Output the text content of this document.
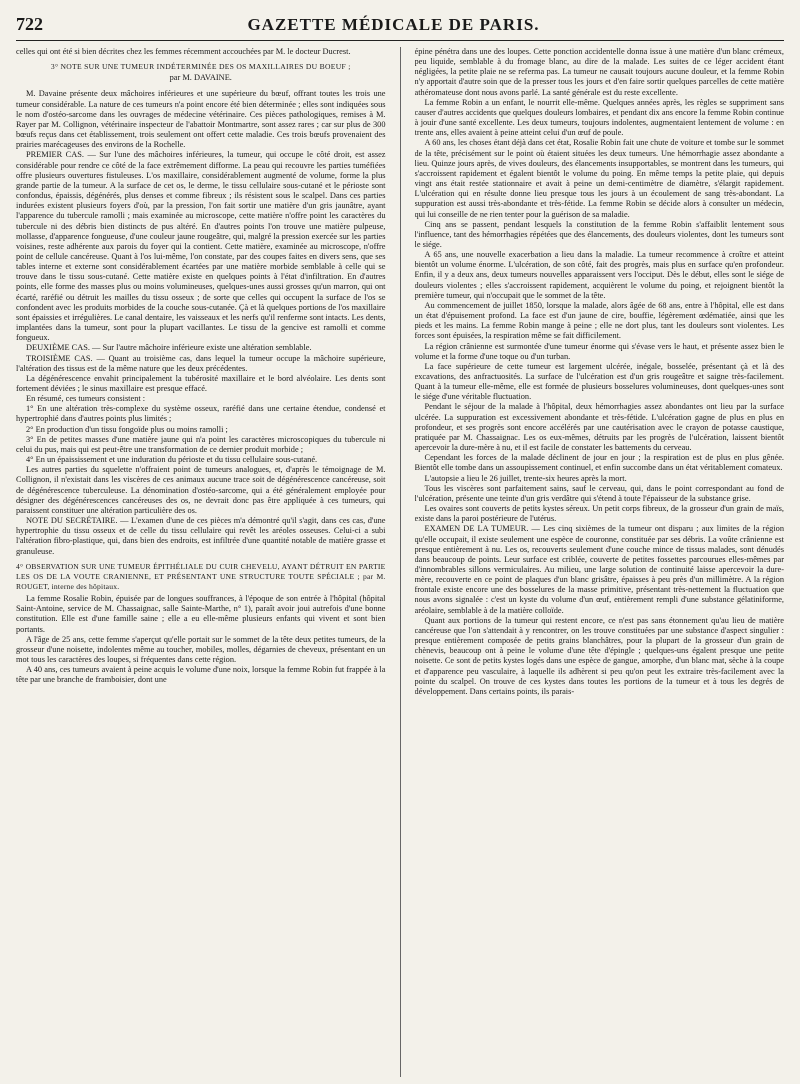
722	GAZETTE MÉDICALE DE PARIS.

celles qui ont été si bien décrites chez les femmes récemment accouchées par M. le docteur Ducrest.

3° NOTE SUR UNE TUMEUR INDÉTERMINÉE DES OS MAXILLAIRES DU BOEUF ;

par M. DAVAINE.

M. Davaine présente deux mâchoires inférieures et une supérieure du bœuf, offrant toutes les trois une tumeur considérable. La nature de ces tumeurs n'a point encore été bien déterminée ; elles sont indiquées sous le nom d'ostéo-sarcome dans les ouvrages de médecine vétérinaire. Ces pièces pathologiques, remises à M. Rayer par M. Collignon, vétérinaire inspecteur de l'abattoir Montmartre, sont assez rares ; car sur plus de 300 bœufs reçus dans cet établissement, trois seulement ont offert cette maladie. Ces trois bœufs provenaient des prairies marécageuses des environs de la Rochelle.

PREMIER CAS. — Sur l'une des mâchoires inférieures, la tumeur, qui occupe le côté droit, est assez considérable pour rendre ce côté de la face extrêmement difforme. La peau qui recouvre les parties tuméfiées offre plusieurs ouvertures fistuleuses. L'os maxillaire, considérablement augmenté de volume, forme la plus grande partie de la tumeur. A la surface de cet os, le derme, le tissu cellulaire sous-cutané et le périoste sont confondus, épaissis, dégénérés, plus denses et comme fibreux ; ils résistent sous le scalpel. Dans ces parties indurées existent plusieurs foyers d'où, par la pression, l'on fait sortir une matière d'un gris jaunâtre, ayant l'apparence du tubercule ramolli ; mais examinée au microscope, cette matière n'offre point les caractères du tubercule ni des débris bien distincts de pus altéré. En d'autres points l'on trouve une matière pulpeuse, mollasse, d'apparence fongueuse, d'une couleur jaune rougeâtre, qui, malgré la pression exercée sur les parties voisines, reste adhérente aux parois du foyer qui la contient. Cette matière, examinée au microscope, n'offre point de cellule cancéreuse. Quant à l'os lui-même, l'on constate, par des coupes faites en divers sens, que ses tables interne et externe sont considérablement écartées par une matière morbide semblable à celle qui se trouve dans le tissu sous-cutané. Cette matière existe en quelques points à l'état d'infiltration. En d'autres points, elle forme des masses plus ou moins volumineuses, quelques-unes aussi grosses qu'un marron, qui ont écarté, raréfié ou détruit les mailles du tissu osseux ; de sorte que celles qui occupent la surface de l'os se confondent avec les produits morbides de la couche sous-cutanée. Çà et là quelques portions de l'os maxillaire sont épaissies et irrégulières. Le canal dentaire, les vaisseaux et les nerfs qu'il renferme sont intacts. Les dents, implantées dans la tumeur, sont pour la plupart vacillantes. Le tissu de la gencive est ramolli et comme fongueux.

DEUXIÈME CAS. — Sur l'autre mâchoire inférieure existe une altération semblable.

TROISIÈME CAS. — Quant au troisième cas, dans lequel la tumeur occupe la mâchoire supérieure, l'altération des tissus est de la même nature que les deux précédentes.

La dégénérescence envahit principalement la tubérosité maxillaire et le bord alvéolaire. Les dents sont fortement déviées ; le sinus maxillaire est presque effacé.

En résumé, ces tumeurs consistent :

1° En une altération très-complexe du système osseux, raréfié dans une certaine étendue, condensé et hypertrophié dans d'autres points plus limités ;

2° En production d'un tissu fongoïde plus ou moins ramolli ;

3° En de petites masses d'une matière jaune qui n'a point les caractères microscopiques du tubercule ni celui du pus, mais qui est peut-être une transformation de ce dernier produit morbide ;

4° En un épaississement et une induration du périoste et du tissu cellulaire sous-cutané.

Les autres parties du squelette n'offraient point de tumeurs analogues, et, d'après le témoignage de M. Collignon, il n'existait dans les viscères de ces animaux aucune trace soit de dégénérescence cancéreuse, soit de dégénérescence tuberculeuse. La dénomination d'ostéo-sarcome, qui a été généralement employée pour désigner des dégénérescences cancéreuses des os, ne devrait donc pas être appliquée à ces tumeurs, qui paraissent constituer une altération particulière des os.

NOTE DU SECRÉTAIRE. — L'examen d'une de ces pièces m'a démontré qu'il s'agit, dans ces cas, d'une hypertrophie du tissu osseux et de celle du tissu cellulaire qui revêt les aréoles osseuses. Celui-ci a subi l'altération fibro-plastique, qui, dans bien des endroits, est infiltrée d'une quantité notable de matière grasse et granuleuse.

4° OBSERVATION SUR UNE TUMEUR ÉPITHÉLIALE DU CUIR CHEVELU, AYANT DÉTRUIT EN PARTIE LES OS DE LA VOUTE CRANIENNE, ET PRÉSENTANT UNE STRUCTURE TOUTE SPÉCIALE ; par M. ROUGET, interne des hôpitaux.

La femme Rosalie Robin, épuisée par de longues souffrances, à l'époque de son entrée à l'hôpital (hôpital Saint-Antoine, service de M. Chassaignac, salle Sainte-Marthe, n° 1), paraît avoir joui autrefois d'une bonne constitution. Elle est d'une famille saine ; elle a eu elle-même plusieurs enfants qui vivent et sont bien portants.

A l'âge de 25 ans, cette femme s'aperçut qu'elle portait sur le sommet de la tête deux petites tumeurs, de la grosseur d'une noisette, indolentes même au toucher, mobiles, molles, dégarnies de cheveux, présentant en un mot tous les caractères des loupes, si fréquentes dans cette région.

A 40 ans, ces tumeurs avaient à peine acquis le volume d'une noix, lorsque la femme Robin fut frappée à la tête par une branche de framboisier, dont une

épine pénétra dans une des loupes. Cette ponction accidentelle donna issue à une matière d'un blanc crémeux, peu liquide, semblable à du fromage blanc, au dire de la malade. Les suites de ce léger accident étant négligées, la petite plaie ne se referma pas. La tumeur ne causait toujours aucune douleur, et la femme Robin n'y apportait d'autre soin que de la presser tous les jours et d'en faire sortir quelques parcelles de cette matière athéromateuse dont nous avons parlé. La santé générale est du reste excellente.

La femme Robin a un enfant, le nourrit elle-même. Quelques années après, les règles se suppriment sans causer d'autres accidents que quelques douleurs lombaires, et pendant dix ans encore la femme Robin continue à jouir d'une santé excellente. Les deux tumeurs, toujours indolentes, augmentaient lentement de volume : en trente ans, elles avaient à peine atteint celui d'un œuf de poule.

A 60 ans, les choses étant déjà dans cet état, Rosalie Robin fait une chute de voiture et tombe sur le sommet de la tête, précisément sur le point où étaient situées les deux tumeurs. Une hémorrhagie assez abondante a lieu. Quinze jours après, de vives douleurs, des élancements insupportables, se montrent dans les tumeurs, qui s'accroissent rapidement et égalent bientôt le volume du poing. En même temps la petite plaie, qui depuis vingt ans était restée stationnaire et avait à peine un demi-centimètre de diamètre, s'élargit rapidement. L'ulcération qui en résulte donne lieu presque tous les jours à un écoulement de sang très-abondant. La suppuration est aussi très-abondante et très-fétide. La femme Robin se décide alors à consulter un médecin, qui lui conseille de ne rien tenter pour la guérison de sa maladie.

Cinq ans se passent, pendant lesquels la constitution de la femme Robin s'affaiblit lentement sous l'influence, tant des hémorrhagies répétées que des élancements, des douleurs violentes, dont les tumeurs sont le siége.

A 65 ans, une nouvelle exacerbation a lieu dans la maladie. La tumeur recommence à croître et atteint bientôt un volume énorme. L'ulcération, de son côté, fait des progrès, mais plus en surface qu'en profondeur. Enfin, il y a deux ans, deux tumeurs nouvelles apparaissent vers l'occiput. Dès le début, elles sont le siége de douleurs violentes ; elles s'accroissent rapidement, acquièrent le volume du poing, et rejoignent bientôt la première tumeur, qui n'occupait que le sommet de la tête.

Au commencement de juillet 1850, lorsque la malade, alors âgée de 68 ans, entre à l'hôpital, elle est dans un état d'épuisement profond. La face est d'un jaune de cire, bouffie, légèrement œdématiée, ainsi que les pieds et les mains. La femme Robin mange à peine ; elle ne dort plus, tant les douleurs sont violentes. Les forces sont épuisées, la respiration même se fait difficilement.

La région crânienne est surmontée d'une tumeur énorme qui s'évase vers le haut, et présente assez bien le volume et la forme d'une toque ou d'un turban.

La face supérieure de cette tumeur est largement ulcérée, inégale, bosselée, présentant çà et là des excavations, des anfractuosités. La surface de l'ulcération est d'un gris rougeâtre et saigne très-facilement. Quant à la tumeur elle-même, elle est formée de plusieurs bosselures volumineuses, dont quelques-unes sont le siége d'une véritable fluctuation.

Pendant le séjour de la malade à l'hôpital, deux hémorrhagies assez abondantes ont lieu par la surface ulcérée. La suppuration est excessivement abondante et très-fétide. L'ulcération gagne de plus en plus en profondeur, et ses progrès sont encore accélérés par une cautérisation avec le crayon de potasse caustique, pratiquée par M. Chassaignac. Les os eux-mêmes, détruits par les progrès de l'ulcération, laissent bientôt apercevoir la dure-mère à nu, et il est facile de constater les battements du cerveau.

Cependant les forces de la malade déclinent de jour en jour ; la respiration est de plus en plus gênée. Bientôt elle tombe dans un assoupissement continuel, et enfin succombe dans un état véritablement comateux.

L'autopsie a lieu le 26 juillet, trente-six heures après la mort.

Tous les viscères sont parfaitement sains, sauf le cerveau, qui, dans le point correspondant au fond de l'ulcération, présente une teinte d'un gris verdâtre qui s'étend à toute l'épaisseur de la substance grise.

Les ovaires sont couverts de petits kystes séreux. Un petit corps fibreux, de la grosseur d'un grain de maïs, existe dans la paroi postérieure de l'utérus.

EXAMEN DE LA TUMEUR. — Les cinq sixièmes de la tumeur ont disparu ; aux limites de la région qu'elle occupait, il existe seulement une espèce de couronne, constituée par ses débris. La voûte crânienne est presque entièrement à nu. Les os, recouverts seulement d'une couche mince de tissus malades, sont dénudés dans beaucoup de points. Leur surface est criblée, couverte de petites fossettes parcourues elles-mêmes par d'innombrables sillons vermiculaires. Au milieu, une large solution de continuité laisse apercevoir la dure-mère, recouverte en ce point de plaques d'un blanc grisâtre, épaisses à peu près d'un millimètre. A la région frontale existe encore une des bosselures de la masse primitive, présentant très-nettement la fluctuation que nous avons signalée : c'est un kyste du volume d'un œuf, entièrement rempli d'une substance gélatiniforme, aréolaire, semblable à de la matière colloïde.

Quant aux portions de la tumeur qui restent encore, ce n'est pas sans étonnement qu'au lieu de matière cancéreuse que l'on s'attendait à y rencontrer, on les trouve constituées par une substance d'aspect singulier : presque entièrement composée de petits grains blanchâtres, pour la plupart de la grosseur d'un grain de chènevis, beaucoup ont à peine le volume d'une tête d'épingle ; quelques-uns égalent presque une petite noisette. Ce sont de petits kystes logés dans une espèce de gangue, amorphe, d'un blanc mat, sèche à la coupe et d'apparence peu vasculaire, à laquelle ils adhèrent si peu qu'on peut les extraire très-facilement avec la pointe du scalpel. On trouve de ces kystes dans toutes les portions de la tumeur et à tous les degrés de développement. Dans certains points, ils parais-
